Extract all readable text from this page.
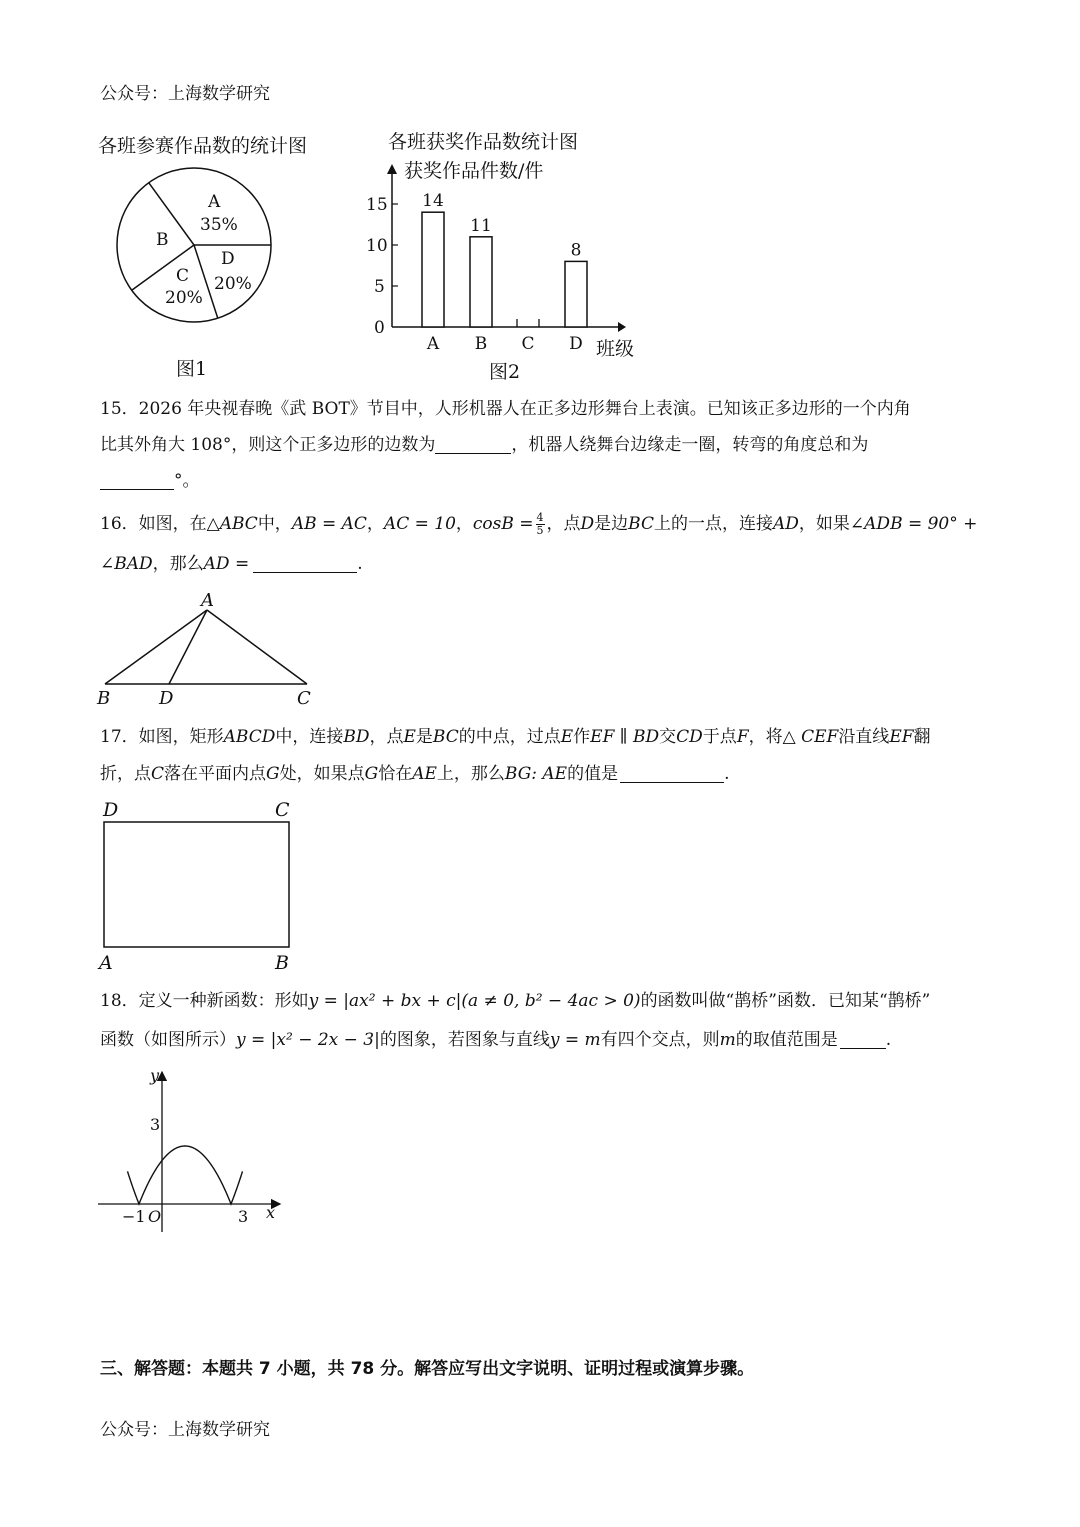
公众号：上海数学研究
各班参赛作品数的统计图
A
35%
B
C
20%
D
20%
图1
各班获奖作品数统计图
获奖作品件数/件
0
5
10
15 14
A
11
B C
8
D 班级
图2
15．2026 年央视春晚《武 BOT》节目中，人形机器人在正多边形舞台上表演。已知该正多边形的一个内角
比其外角大 108°，则这个正多边形的边数为	，机器人绕舞台边缘走一圈，转弯的角度总和为
°。
16．如图，在△ ABC 中， AB = AC ， AC = 10 ， $\cos B = \frac{4}{5}$ ，点 D 是边 BC 上的一点，连接 AD ，如果∠ ADB = 90° +
∠BAD，那么AD =	.
A
B	D	C
17．如图，矩形ABCD中，连接BD，点E是BC的中点，过点E作EF ∥ BD交CD于点F，将△ CEF沿直线EF翻
折，点C落在平面内点G处，如果点G恰在AE上，那么BG: AE的值是	.
D	C
A	B
18．定义一种新函数：形如y = |ax² + bx + c|(a ≠ 0, b² − 4ac > 0)的函数叫做“鹊桥”函数．已知某“鹊桥”
函数（如图所示）y = |x² − 2x − 3|的图象，若图象与直线y = m有四个交点，则m的取值范围是	.
y
x
3
−1 O	3
三、解答题：本题共 7 小题，共 78 分。解答应写出文字说明、证明过程或演算步骤。
公众号：上海数学研究
